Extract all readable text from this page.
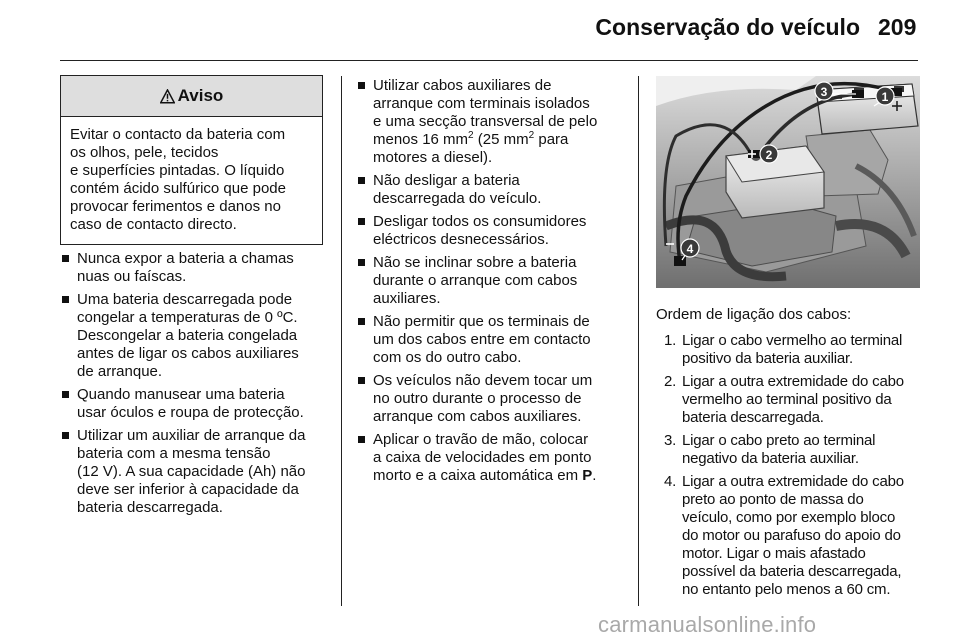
Conservação do veículo 209
Aviso
Evitar o contacto da bateria com
os olhos, pele, tecidos
e superfícies pintadas. O líquido
contém ácido sulfúrico que pode
provocar ferimentos e danos no
caso de contacto directo.
Nunca expor a bateria a chamas
nuas ou faíscas.
Uma bateria descarregada pode
congelar a temperaturas de 0 ºC.
Descongelar a bateria congelada
antes de ligar os cabos auxiliares
de arranque.
Quando manusear uma bateria
usar óculos e roupa de protecção.
Utilizar um auxiliar de arranque da
bateria com a mesma tensão
(12 V). A sua capacidade (Ah) não
deve ser inferior à capacidade da
bateria descarregada.
Utilizar cabos auxiliares de
arranque com terminais isolados
e uma secção transversal de pelo
menos 16 $mm^2$ (25 $mm^2$ para
motores a diesel).
Não desligar a bateria
descarregada do veículo.
Desligar todos os consumidores
eléctricos desnecessários.
Não se inclinar sobre a bateria
durante o arranque com cabos
auxiliares.
Não permitir que os terminais de
um dos cabos entre em contacto
com os do outro cabo.
Os veículos não devem tocar um
no outro durante o processo de
arranque com cabos auxiliares.
Aplicar o travão de mão, colocar
a caixa de velocidades em ponto
morto e a caixa automática em P.
1
2
3
4
Ordem de ligação dos cabos:
1. Ligar o cabo vermelho ao terminal
positivo da bateria auxiliar.
2. Ligar a outra extremidade do cabo
vermelho ao terminal positivo da
bateria descarregada.
3. Ligar o cabo preto ao terminal
negativo da bateria auxiliar.
4. Ligar a outra extremidade do cabo
preto ao ponto de massa do
veículo, como por exemplo bloco
do motor ou parafuso do apoio do
motor. Ligar o mais afastado
possível da bateria descarregada,
no entanto pelo menos a 60 cm.
carmanualsonline.info
